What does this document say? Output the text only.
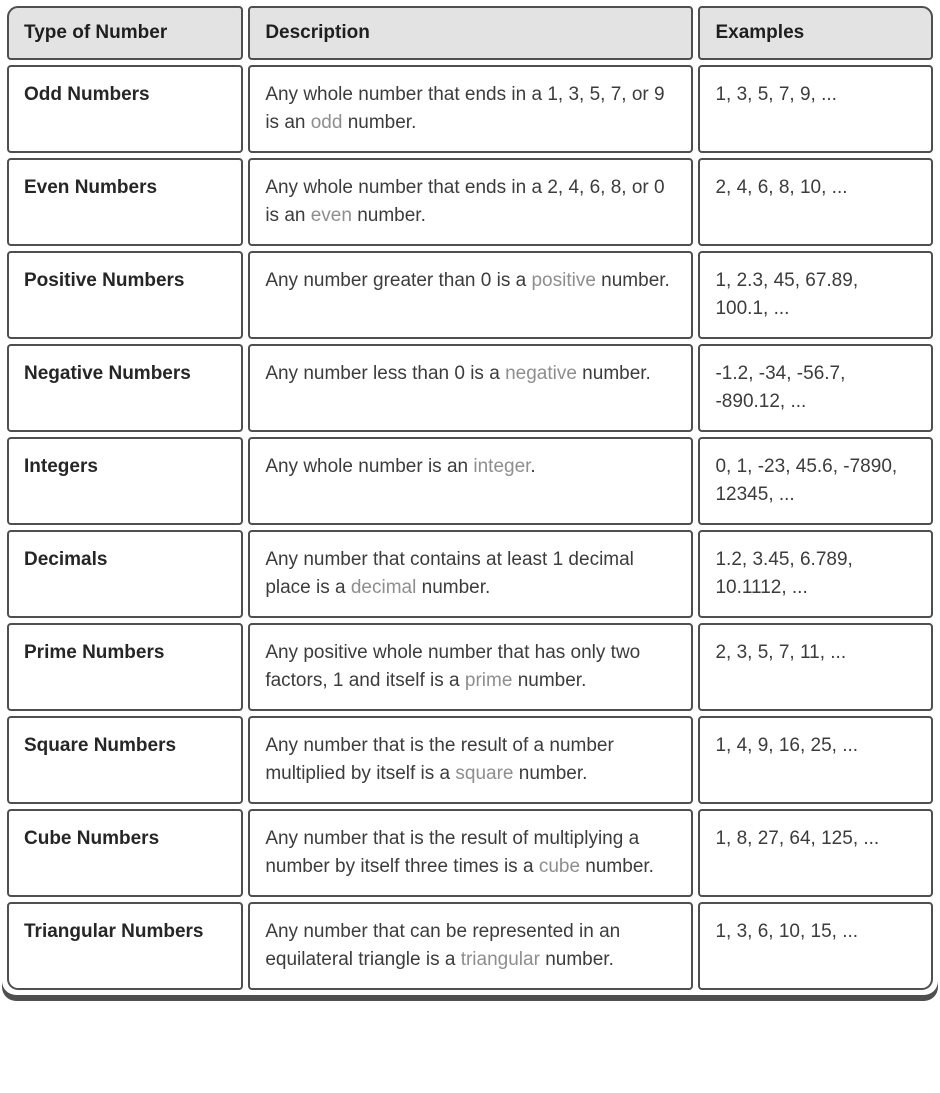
Type of Number	Description	Examples
Odd Numbers	Any whole number that ends in a 1, 3, 5, 7, or 9 is an odd number.	1, 3, 5, 7, 9, ...
Even Numbers	Any whole number that ends in a 2, 4, 6, 8, or 0 is an even number.	2, 4, 6, 8, 10, ...
Positive Numbers	Any number greater than 0 is a positive number.	1, 2.3, 45, 67.89, 100.1, ...
Negative Numbers	Any number less than 0 is a negative number.	-1.2, -34, -56.7, -890.12, ...
Integers	Any whole number is an integer.	0, 1, -23, 45.6, -7890, 12345, ...
Decimals	Any number that contains at least 1 decimal place is a decimal number.	1.2, 3.45, 6.789, 10.1112, ...
Prime Numbers	Any positive whole number that has only two factors, 1 and itself is a prime number.	2, 3, 5, 7, 11, ...
Square Numbers	Any number that is the result of a number multiplied by itself is a square number.	1, 4, 9, 16, 25, ...
Cube Numbers	Any number that is the result of multiplying a number by itself three times is a cube number.	1, 8, 27, 64, 125, ...
Triangular Numbers	Any number that can be represented in an equilateral triangle is a triangular number.	1, 3, 6, 10, 15, ...
